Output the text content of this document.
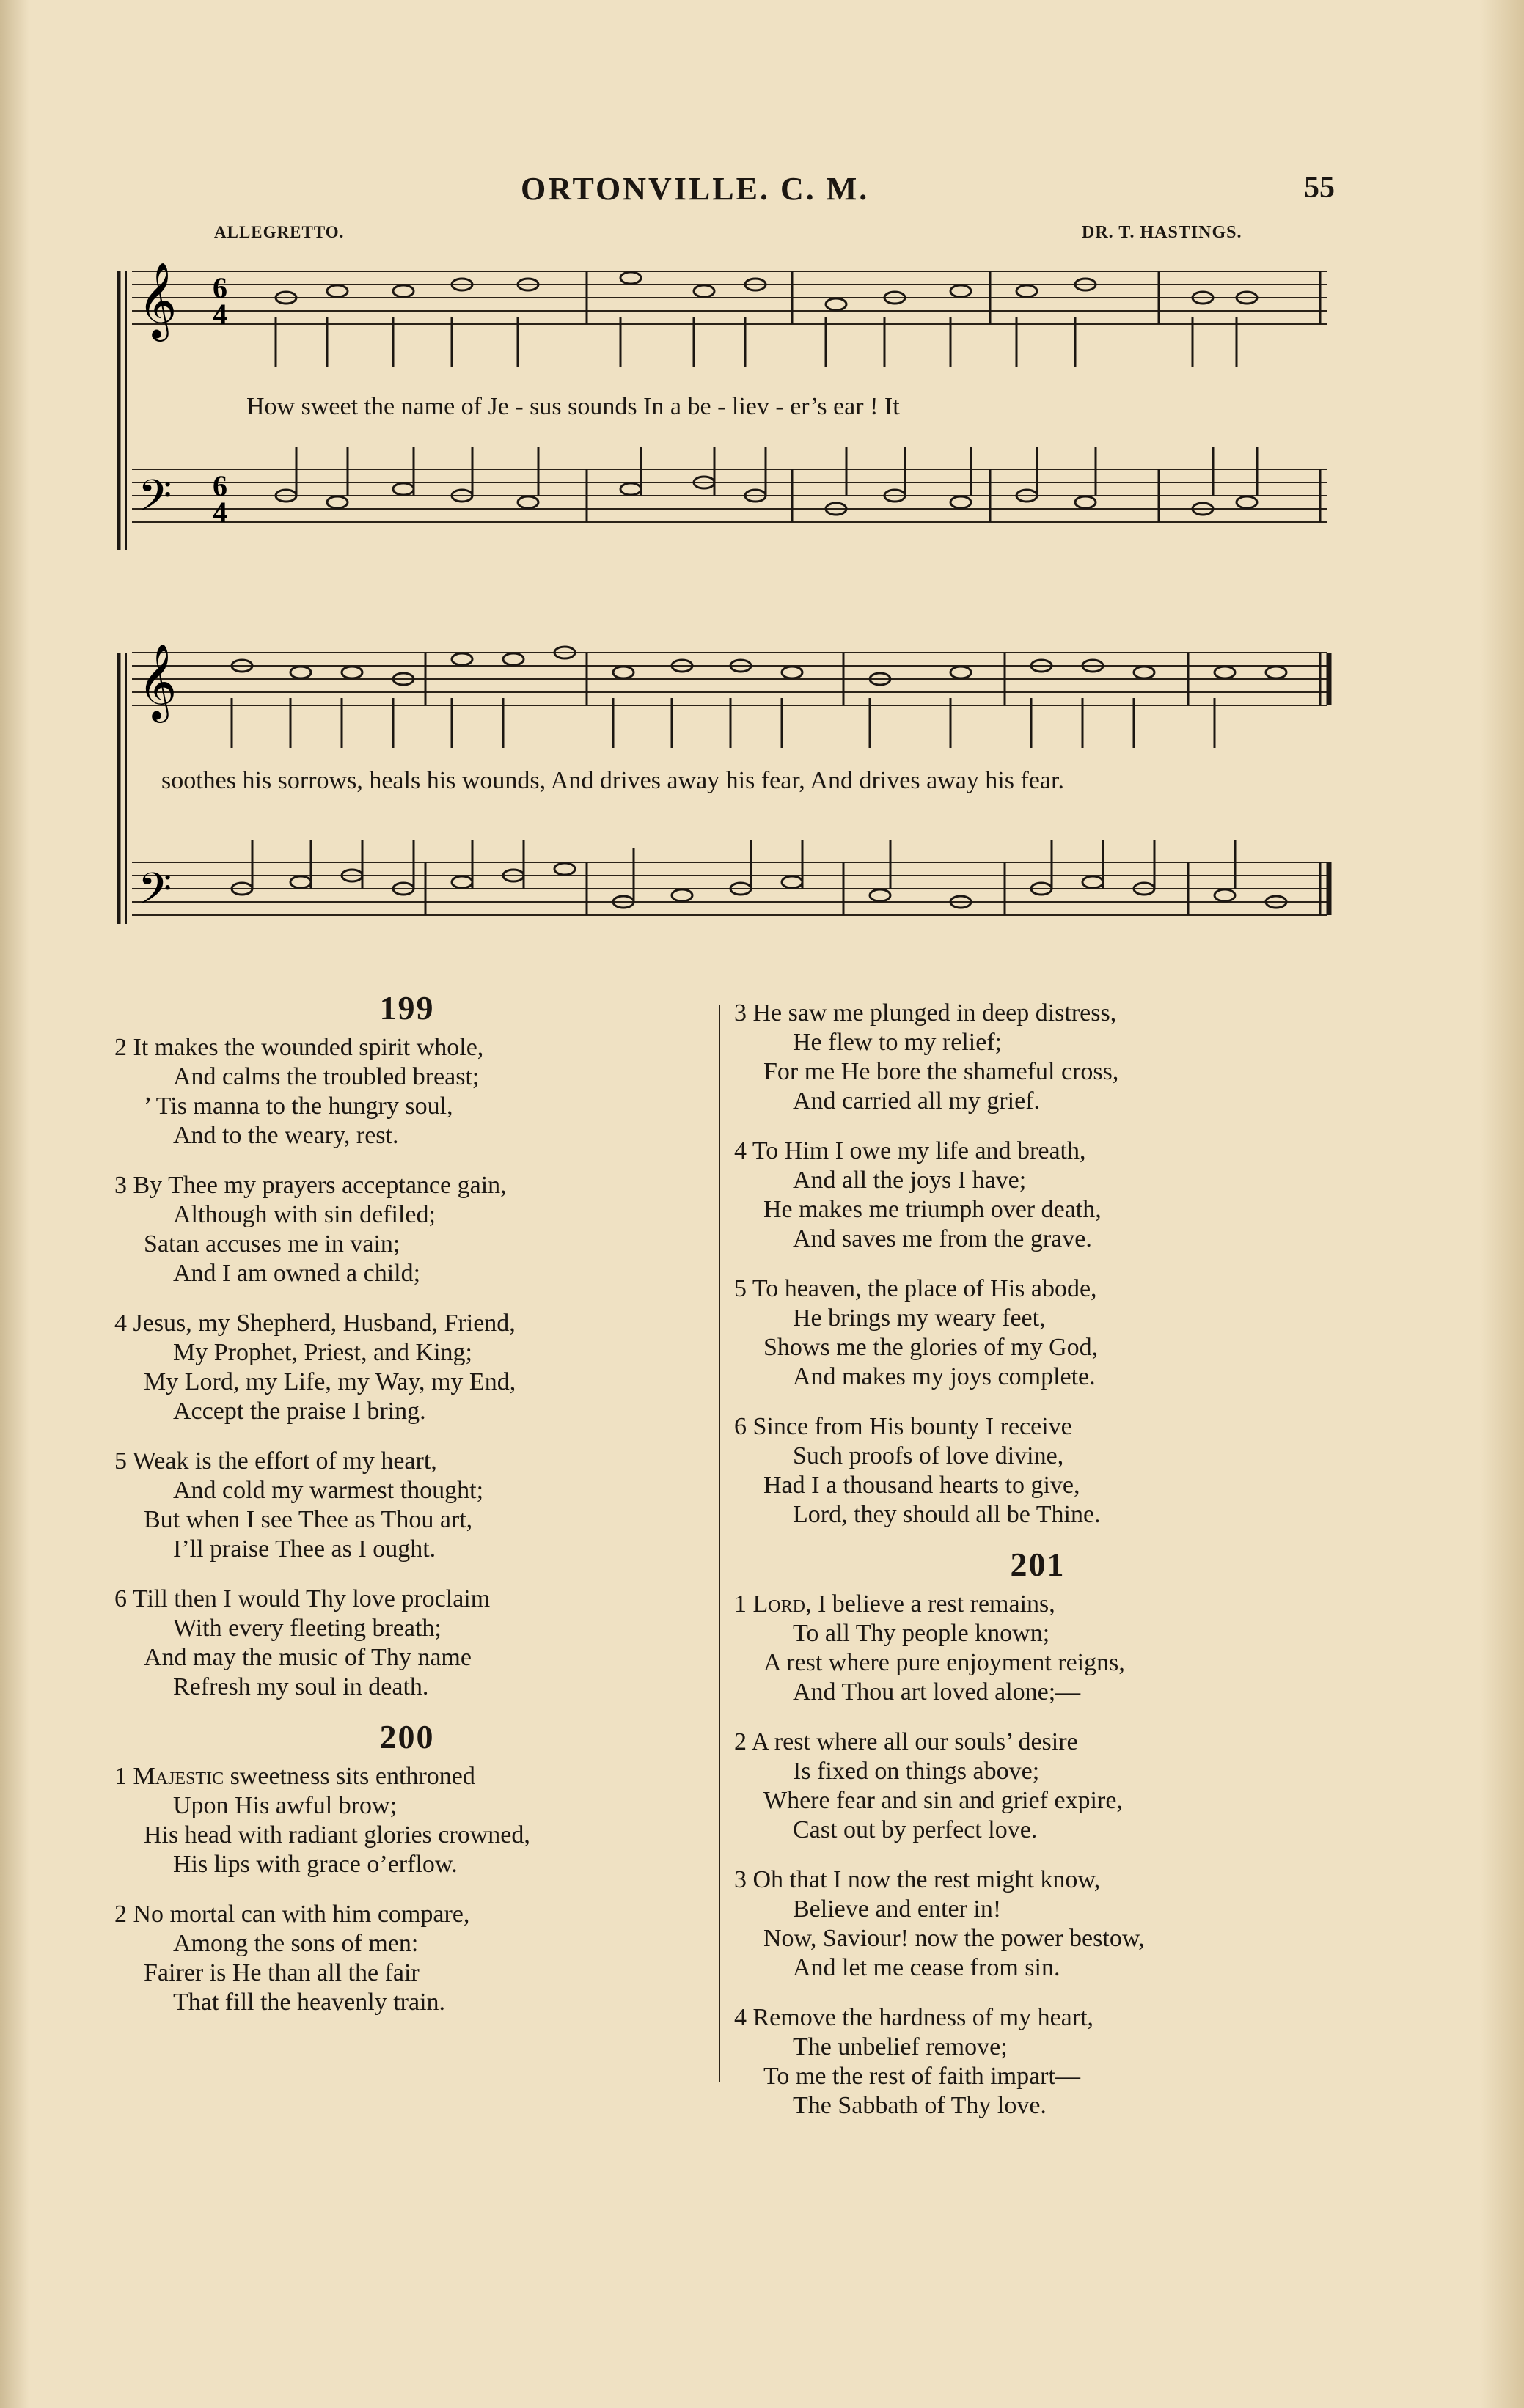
ORTONVILLE. C. M.	55
ALLEGRETTO.	DR. T. HASTINGS.
𝄞
𝄢
6
4
6
4
How sweet the name of Je - sus sounds In a be - liev - er’s ear ! It
𝄞
𝄢
soothes his sorrows, heals his wounds, And drives away his fear, And drives away his fear.
199
2 It makes the wounded spirit whole,
And calms the troubled breast;
’ Tis manna to the hungry soul,
And to the weary, rest.
3 By Thee my prayers acceptance gain,
Although with sin defiled;
Satan accuses me in vain;
And I am owned a child;
4 Jesus, my Shepherd, Husband, Friend,
My Prophet, Priest, and King;
My Lord, my Life, my Way, my End,
Accept the praise I bring.
5 Weak is the effort of my heart,
And cold my warmest thought;
But when I see Thee as Thou art,
I’ll praise Thee as I ought.
6 Till then I would Thy love proclaim
With every fleeting breath;
And may the music of Thy name
Refresh my soul in death.
200
1 Majestic sweetness sits enthroned
Upon His awful brow;
His head with radiant glories crowned,
His lips with grace o’erflow.
2 No mortal can with him compare,
Among the sons of men:
Fairer is He than all the fair
That fill the heavenly train.
3 He saw me plunged in deep distress,
He flew to my relief;
For me He bore the shameful cross,
And carried all my grief.
4 To Him I owe my life and breath,
And all the joys I have;
He makes me triumph over death,
And saves me from the grave.
5 To heaven, the place of His abode,
He brings my weary feet,
Shows me the glories of my God,
And makes my joys complete.
6 Since from His bounty I receive
Such proofs of love divine,
Had I a thousand hearts to give,
Lord, they should all be Thine.
201
1 Lord, I believe a rest remains,
To all Thy people known;
A rest where pure enjoyment reigns,
And Thou art loved alone;—
2 A rest where all our souls’ desire
Is fixed on things above;
Where fear and sin and grief expire,
Cast out by perfect love.
3 Oh that I now the rest might know,
Believe and enter in!
Now, Saviour! now the power bestow,
And let me cease from sin.
4 Remove the hardness of my heart,
The unbelief remove;
To me the rest of faith impart—
The Sabbath of Thy love.
